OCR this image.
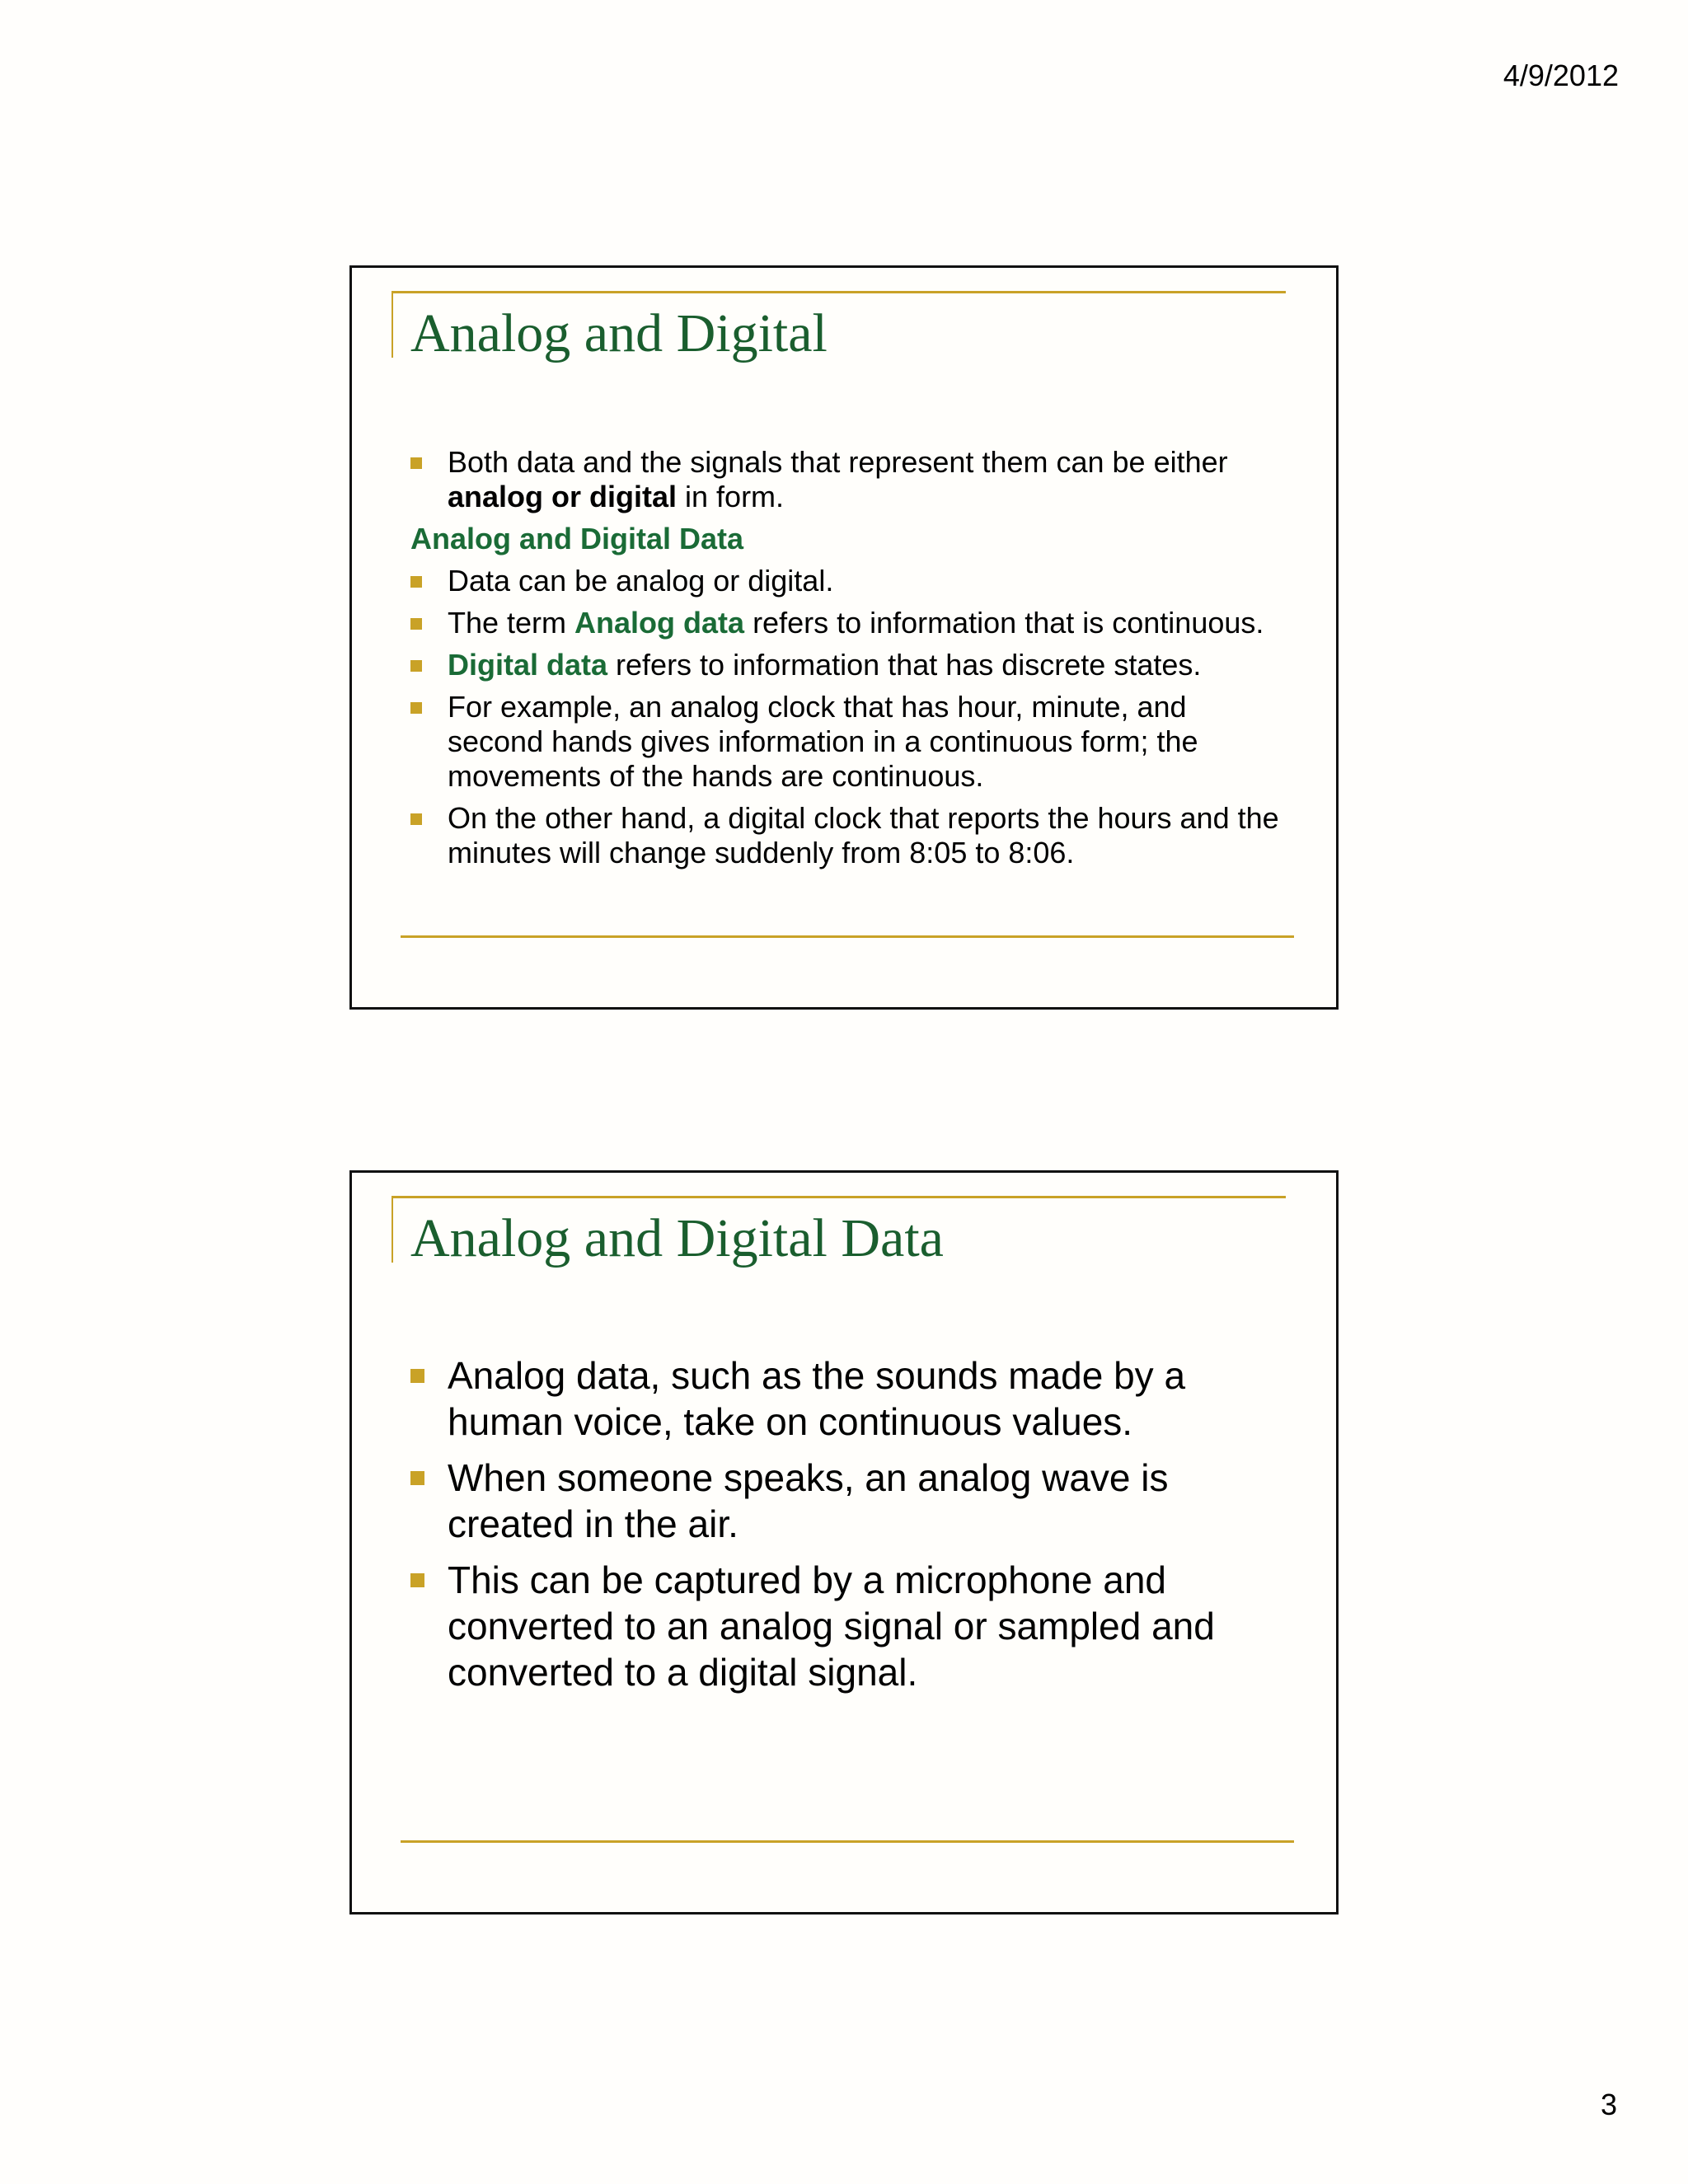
4/9/2012
Analog and Digital
Both data and the signals that represent them can be either analog or digital in form.
Analog and Digital Data
Data can be analog or digital.
The term Analog data refers to information that is continuous.
Digital data refers to information that has discrete states.
For example, an analog clock that has hour, minute, and second hands gives information in a continuous form; the movements of the hands are continuous.
On the other hand, a digital clock that reports the hours and the minutes will change suddenly from 8:05 to 8:06.
Analog and Digital Data
Analog data, such as the sounds made by a human voice, take on continuous values.
When someone speaks, an analog wave is created in the air.
This can be captured by a microphone and converted to an analog signal or sampled and converted to a digital signal.
3
